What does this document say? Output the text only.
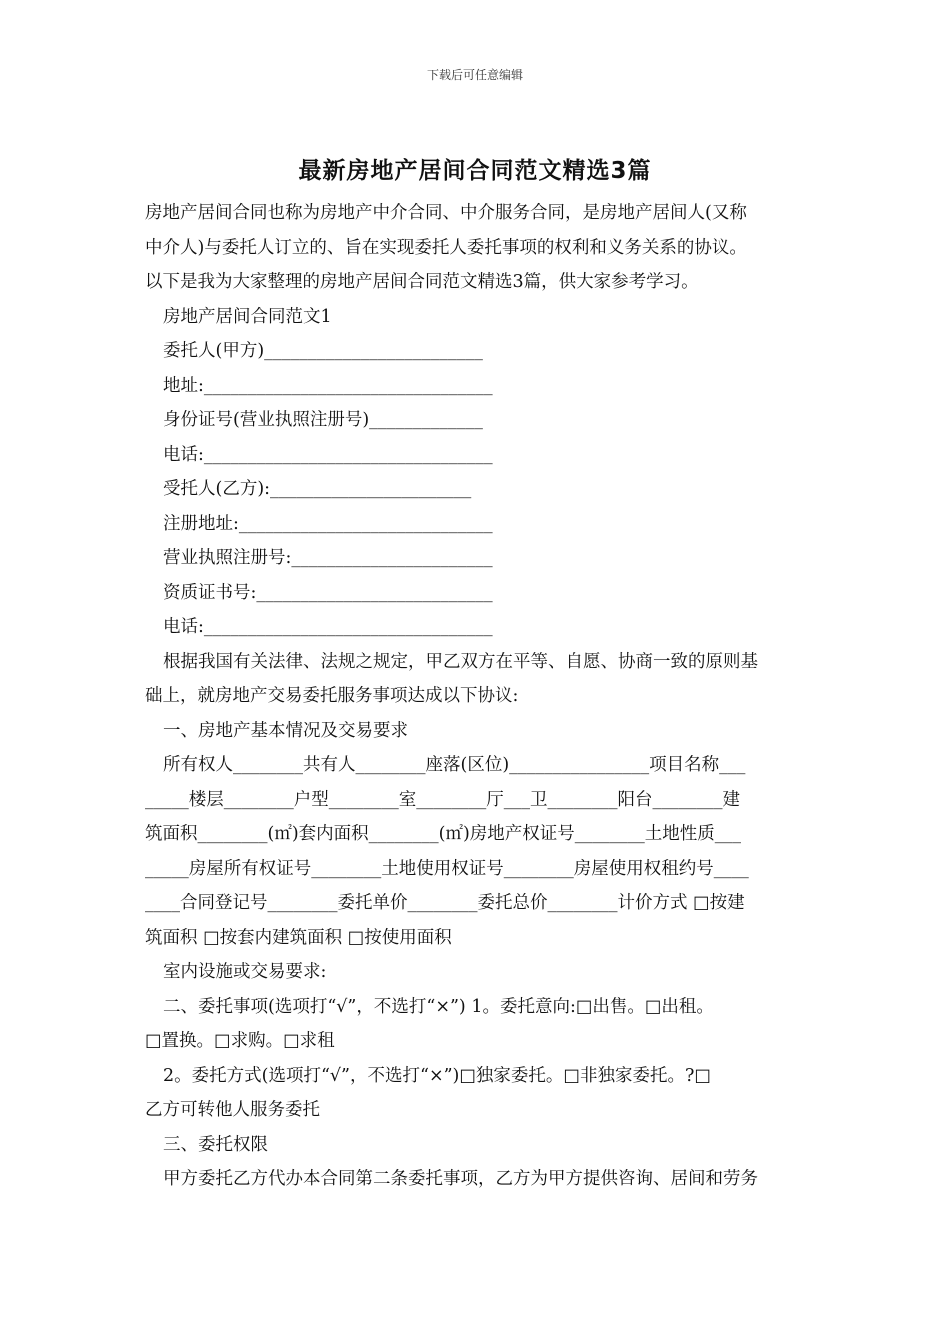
下载后可任意编辑
最新房地产居间合同范文精选3篇
房地产居间合同也称为房地产中介合同、中介服务合同，是房地产居间人(又称
中介人)与委托人订立的、旨在实现委托人委托事项的权利和义务关系的协议。
以下是我为大家整理的房地产居间合同范文精选3篇，供大家参考学习。
房地产居间合同范文1
委托人(甲方)_________________________
地址:_________________________________
身份证号(营业执照注册号)_____________
电话:_________________________________
受托人(乙方):_______________________
注册地址:_____________________________
营业执照注册号:_______________________
资质证书号:___________________________
电话:_________________________________
根据我国有关法律、法规之规定，甲乙双方在平等、自愿、协商一致的原则基
础上，就房地产交易委托服务事项达成以下协议:
一、房地产基本情况及交易要求
所有权人________共有人________座落(区位)________________项目名称___
_____楼层________户型________室________厅___卫________阳台________建
筑面积________(㎡)套内面积________(㎡)房地产权证号________土地性质___
_____房屋所有权证号________土地使用权证号________房屋使用权租约号____
____合同登记号________委托单价________委托总价________计价方式 □按建
筑面积 □按套内建筑面积 □按使用面积
室内设施或交易要求:
二、委托事项(选项打“√”，不选打“×”) 1。委托意向:□出售。□出租。
□置换。□求购。□求租
2。委托方式(选项打“√”，不选打“×”)□独家委托。□非独家委托。?□
乙方可转他人服务委托
三、委托权限
甲方委托乙方代办本合同第二条委托事项，乙方为甲方提供咨询、居间和劳务
